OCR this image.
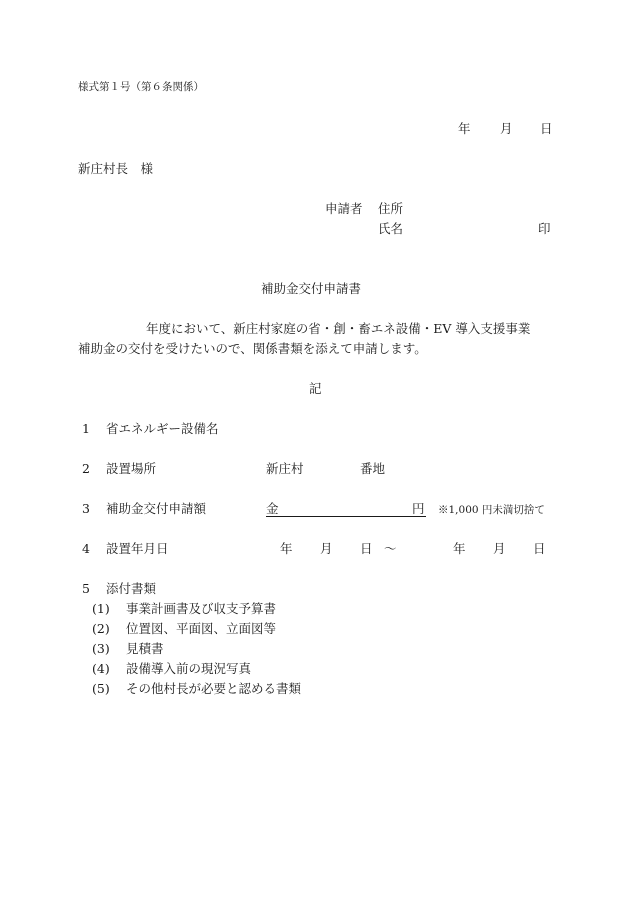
様式第１号（第６条関係）
年 月 日
新庄村長　様
申請者 住所
氏名	印
補助金交付申請書
年度において、新庄村家庭の省・創・畜エネ設備・EV 導入支援事業
補助金の交付を受けたいので、関係書類を添えて申請します。
記
1 省エネルギー設備名
2 設置場所	新庄村	番地
3 補助金交付申請額	金	円 ※1,000 円未満切捨て
4 設置年月日	年 月 日 〜	年 月 日
5 添付書類
(1) 事業計画書及び収支予算書
(2) 位置図、平面図、立面図等
(3) 見積書
(4) 設備導入前の現況写真
(5) その他村長が必要と認める書類
